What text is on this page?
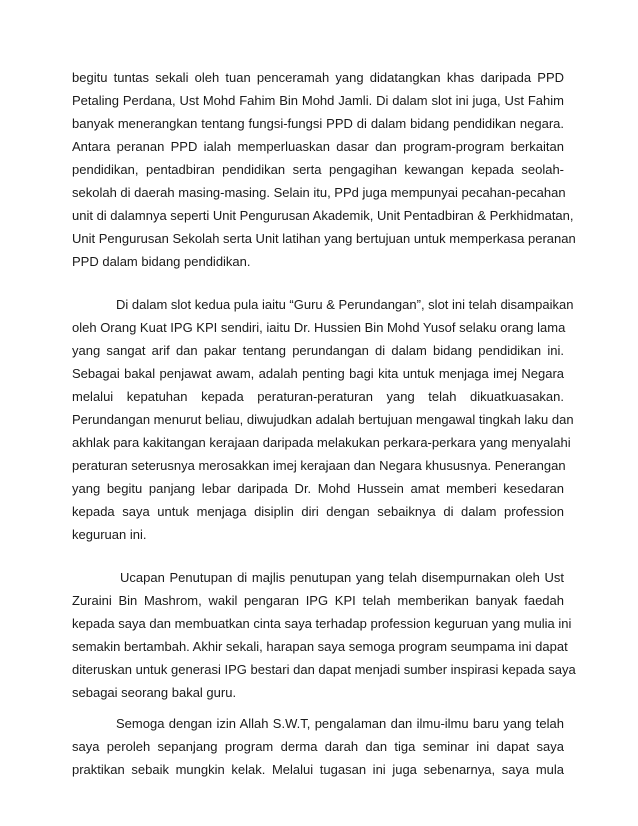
begitu tuntas sekali oleh tuan penceramah yang didatangkan khas daripada PPD
Petaling Perdana, Ust Mohd Fahim Bin Mohd Jamli. Di dalam slot ini juga, Ust Fahim
banyak menerangkan tentang fungsi-fungsi PPD di dalam bidang pendidikan negara.
Antara peranan PPD ialah memperluaskan dasar dan program-program berkaitan
pendidikan, pentadbiran pendidikan serta pengagihan kewangan kepada seolah-
sekolah di daerah masing-masing. Selain itu, PPd juga mempunyai pecahan-pecahan
unit di dalamnya seperti Unit Pengurusan Akademik, Unit Pentadbiran & Perkhidmatan,
Unit Pengurusan Sekolah serta Unit latihan yang bertujuan untuk memperkasa peranan
PPD dalam bidang pendidikan.
Di dalam slot kedua pula iaitu “Guru & Perundangan”, slot ini telah disampaikan
oleh Orang Kuat IPG KPI sendiri, iaitu Dr. Hussien Bin Mohd Yusof selaku orang lama
yang sangat arif dan pakar tentang perundangan di dalam bidang pendidikan ini.
Sebagai bakal penjawat awam, adalah penting bagi kita untuk menjaga imej Negara
melalui kepatuhan kepada peraturan-peraturan yang telah dikuatkuasakan.
Perundangan menurut beliau, diwujudkan adalah bertujuan mengawal tingkah laku dan
akhlak para kakitangan kerajaan daripada melakukan perkara-perkara yang menyalahi
peraturan seterusnya merosakkan imej kerajaan dan Negara khususnya. Penerangan
yang begitu panjang lebar daripada Dr. Mohd Hussein amat memberi kesedaran
kepada saya untuk menjaga disiplin diri dengan sebaiknya di dalam profession
keguruan ini.
Ucapan Penutupan di majlis penutupan yang telah disempurnakan oleh Ust
Zuraini Bin Mashrom, wakil pengaran IPG KPI telah memberikan banyak faedah
kepada saya dan membuatkan cinta saya terhadap profession keguruan yang mulia ini
semakin bertambah. Akhir sekali, harapan saya semoga program seumpama ini dapat
diteruskan untuk generasi IPG bestari dan dapat menjadi sumber inspirasi kepada saya
sebagai seorang bakal guru.
Semoga dengan izin Allah S.W.T, pengalaman dan ilmu-ilmu baru yang telah
saya peroleh sepanjang program derma darah dan tiga seminar ini dapat saya
praktikan sebaik mungkin kelak. Melalui tugasan ini juga sebenarnya, saya mula
